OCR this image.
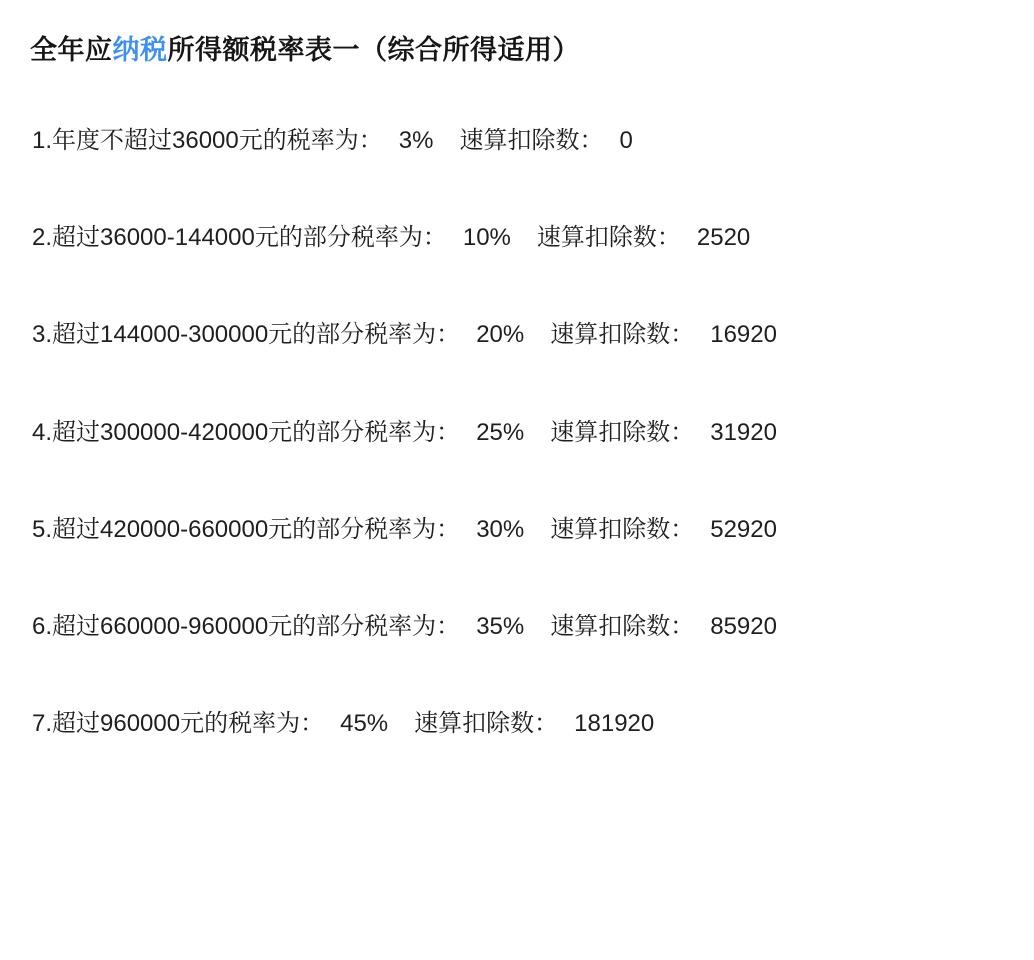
全年应纳税所得额税率表一（综合所得适用）
1.年度不超过36000元的税率为： 3% 速算扣除数： 0
2.超过36000-144000元的部分税率为： 10% 速算扣除数： 2520
3.超过144000-300000元的部分税率为： 20% 速算扣除数： 16920
4.超过300000-420000元的部分税率为： 25% 速算扣除数： 31920
5.超过420000-660000元的部分税率为： 30% 速算扣除数： 52920
6.超过660000-960000元的部分税率为： 35% 速算扣除数： 85920
7.超过960000元的税率为： 45% 速算扣除数： 181920
